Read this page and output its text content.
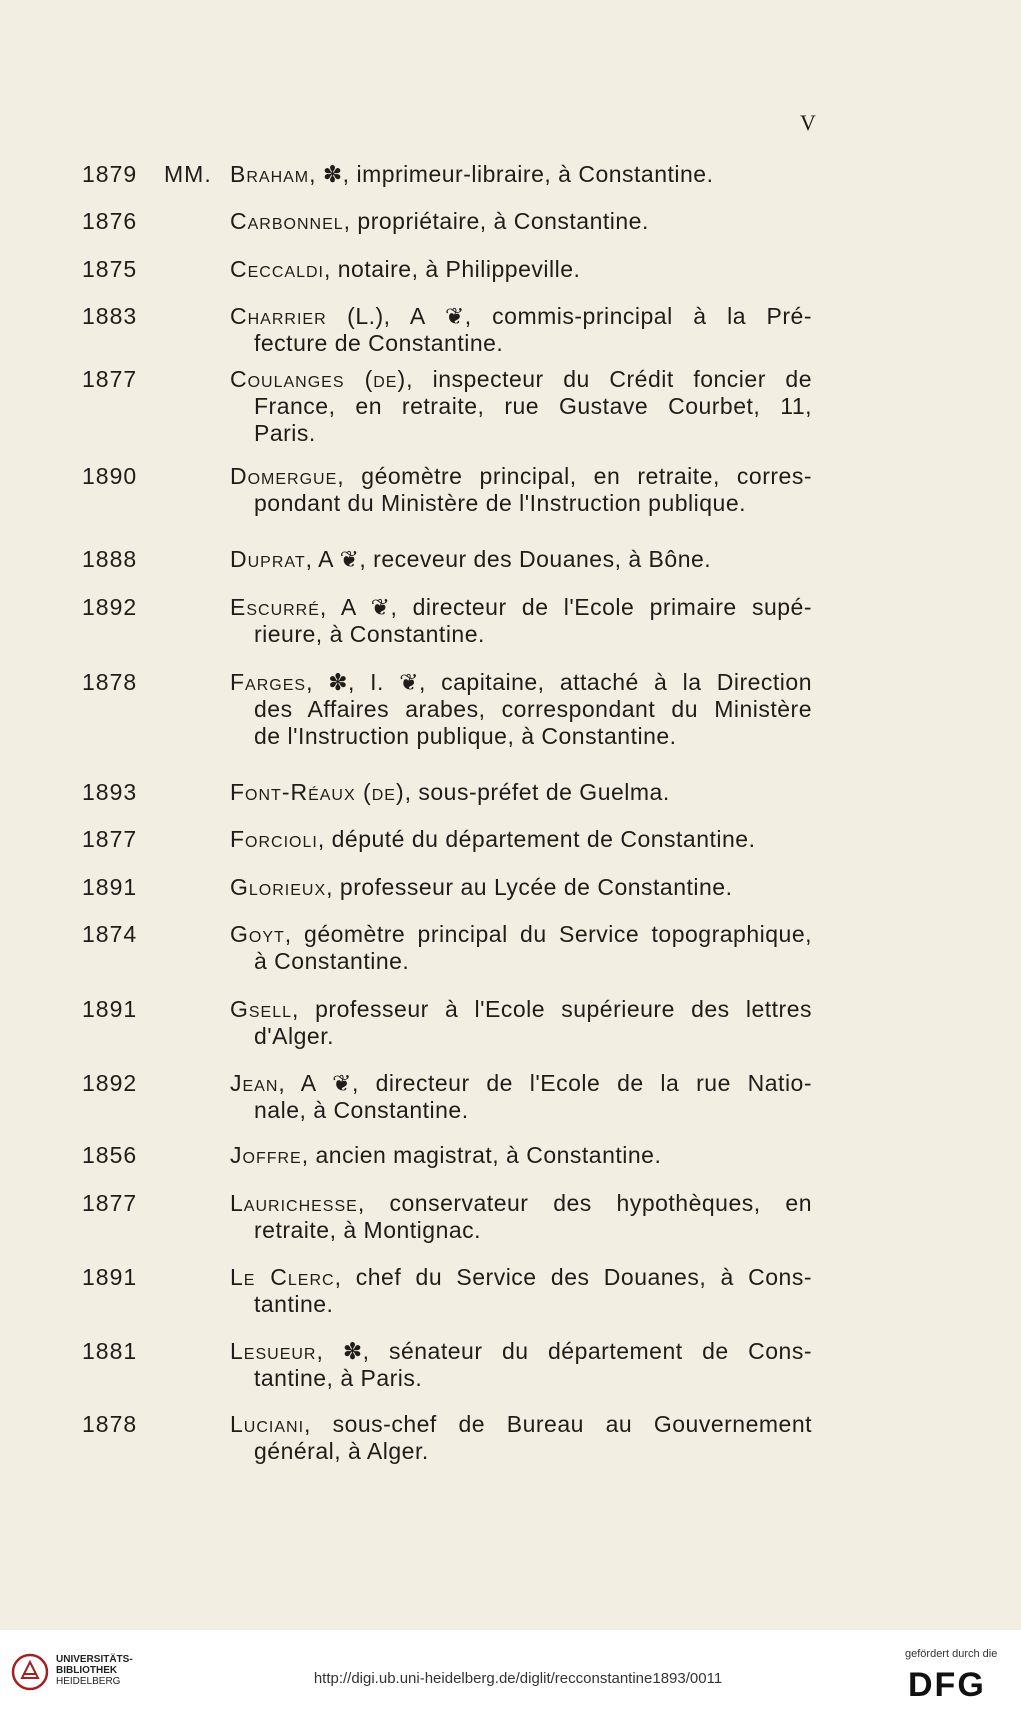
V
1879 MM. Braham, ✽, imprimeur-libraire, à Constantine.
1876	Carbonnel, propriétaire, à Constantine.
1875	Ceccaldi, notaire, à Philippeville.
1883	Charrier (L.), A ❦, commis-principal à la Pré-
fecture de Constantine.
1877	Coulanges (de), inspecteur du Crédit foncier de
France, en retraite, rue Gustave Courbet, 11,
Paris.
1890	Domergue, géomètre principal, en retraite, corres-
pondant du Ministère de l'Instruction publique.
1888	Duprat, A ❦, receveur des Douanes, à Bône.
1892	Escurré, A ❦, directeur de l'Ecole primaire supé-
rieure, à Constantine.
1878	Farges, ✽, I. ❦, capitaine, attaché à la Direction
des Affaires arabes, correspondant du Ministère
de l'Instruction publique, à Constantine.
1893	Font-Réaux (de), sous-préfet de Guelma.
1877	Forcioli, député du département de Constantine.
1891	Glorieux, professeur au Lycée de Constantine.
1874	Goyt, géomètre principal du Service topographique,
à Constantine.
1891	Gsell, professeur à l'Ecole supérieure des lettres
d'Alger.
1892	Jean, A ❦, directeur de l'Ecole de la rue Natio-
nale, à Constantine.
1856	Joffre, ancien magistrat, à Constantine.
1877	Laurichesse, conservateur des hypothèques, en
retraite, à Montignac.
1891	Le Clerc, chef du Service des Douanes, à Cons-
tantine.
1881	Lesueur, ✽, sénateur du département de Cons-
tantine, à Paris.
1878	Luciani, sous-chef de Bureau au Gouvernement
général, à Alger.
UNIVERSITÄTS-
BIBLIOTHEK
HEIDELBERG	http://digi.ub.uni-heidelberg.de/diglit/recconstantine1893/0011
gefördert durch die
DFG
